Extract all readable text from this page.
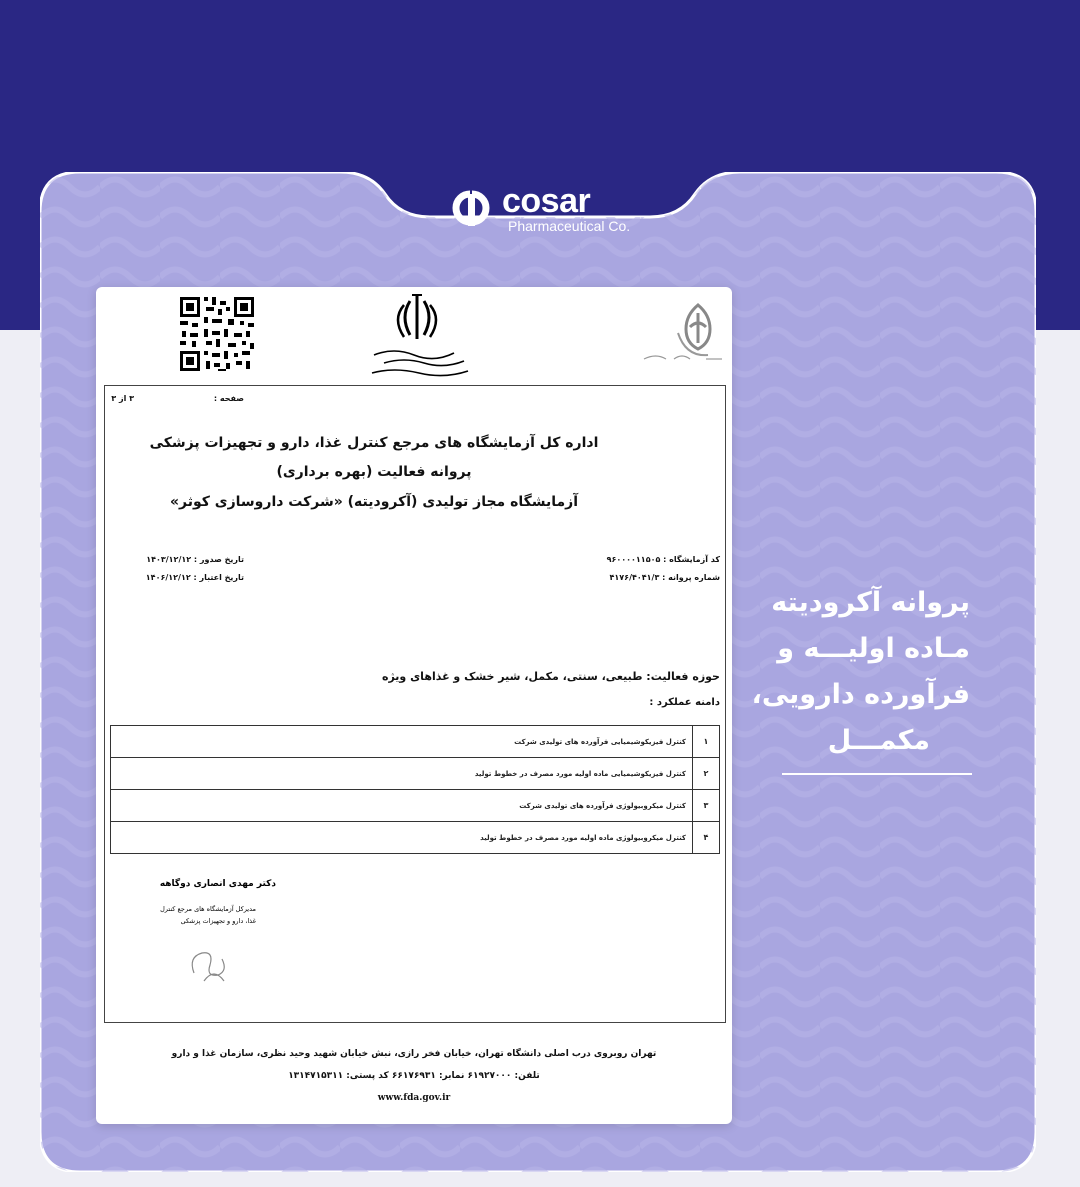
cosar
Pharmaceutical Co.
پروانه آکرودیته
مـاده اولیـــه و
فرآورده دارویی،
مکمـــل
صفحه :
۳ از ۳
اداره کل آزمایشگاه های مرجع کنترل غذا، دارو و تجهیزات پزشکی
پروانه فعالیت (بهره برداری)
آزمایشگاه مجاز تولیدی (آکرودیته) «شرکت داروسازی کوثر»
کد آزمایشگاه : ۹۶۰۰۰۰۱۱۵۰۵
شماره پروانه : ۴۱۷۶/۴۰۴۱/۳
تاریخ صدور : ۱۴۰۳/۱۲/۱۲
تاریخ اعتبار : ۱۴۰۶/۱۲/۱۲
حوزه فعالیت: طبیعی، سنتی، مکمل، شیر خشک و غذاهای ویژه
دامنه عملکرد :
۱	کنترل فیزیکوشیمیایی فرآورده های تولیدی شرکت
۲	کنترل فیزیکوشیمیایی ماده اولیه مورد مصرف در خطوط تولید
۳	کنترل میکروبیولوژی فرآورده های تولیدی شرکت
۴	کنترل میکروبیولوژی ماده اولیه مورد مصرف در خطوط تولید
دکتر مهدی انصاری دوگاهه
مدیرکل آزمایشگاه های مرجع کنترل
غذا، دارو و تجهیزات پزشکی
تهران روبروی درب اصلی دانشگاه تهران، خیابان فخر رازی، نبش خیابان شهید وحید نظری، سازمان غذا و دارو
تلفن: ۶۱۹۲۷۰۰۰ نمابر: ۶۶۱۷۶۹۳۱ کد پستی: ۱۳۱۴۷۱۵۳۱۱
www.fda.gov.ir
